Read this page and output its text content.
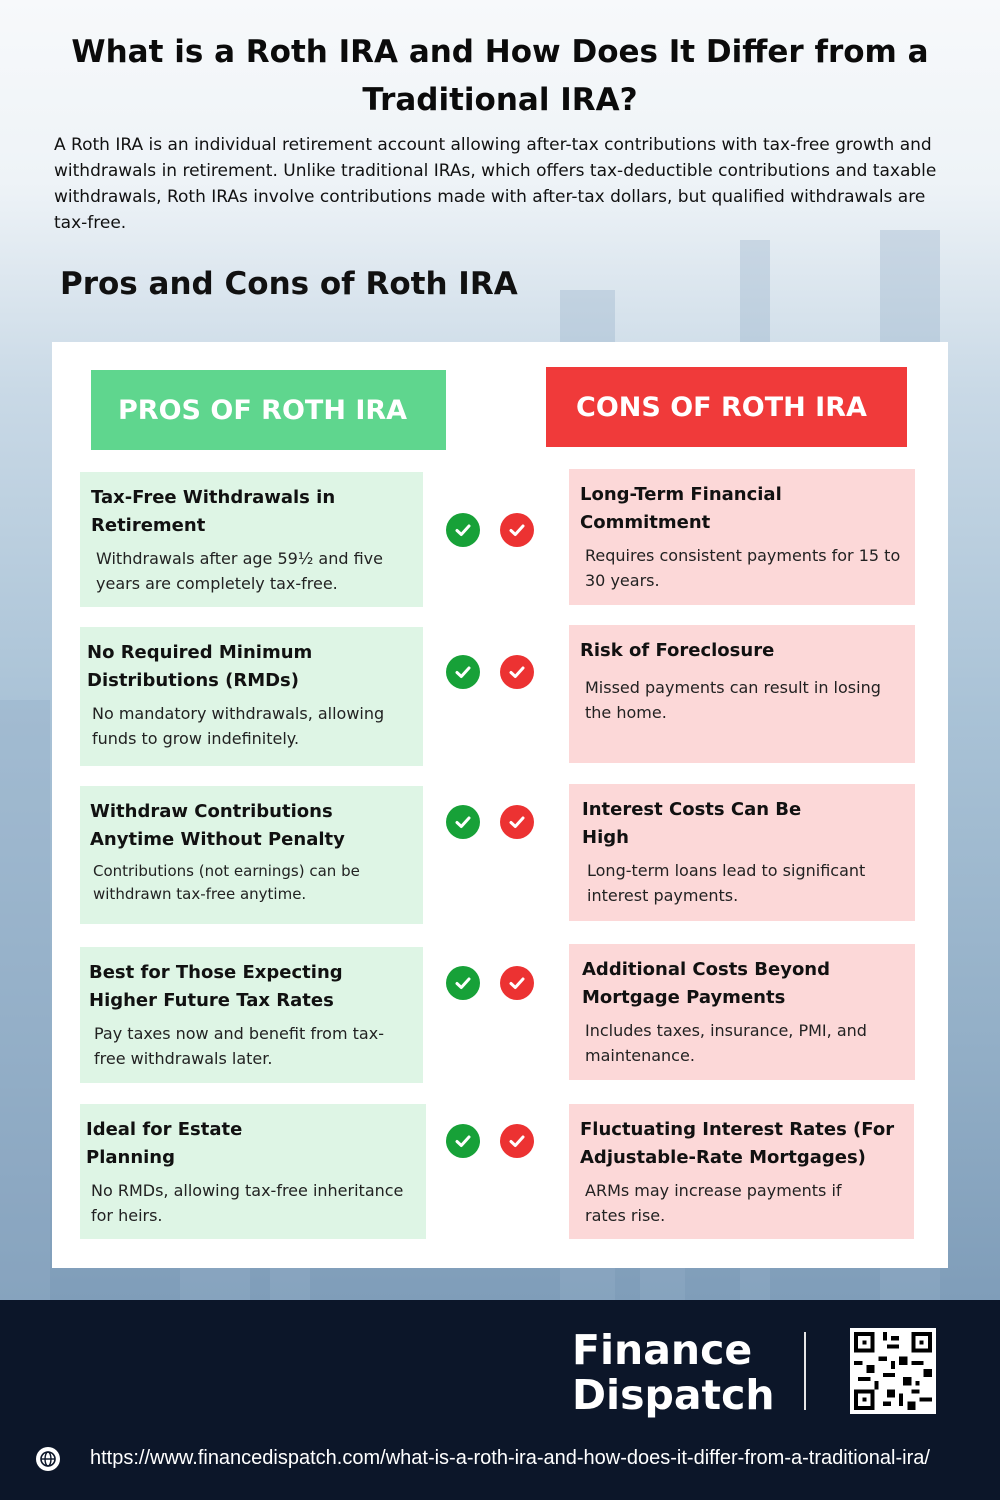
What is a Roth IRA and How Does It Differ from a Traditional IRA?

A Roth IRA is an individual retirement account allowing after-tax contributions with tax-free growth and withdrawals in retirement. Unlike traditional IRAs, which offers tax-deductible contributions and taxable withdrawals, Roth IRAs involve contributions made with after-tax dollars, but qualified withdrawals are tax-free.

Pros and Cons of Roth IRA
PROS OF ROTH IRA	CONS OF ROTH IRA
Tax-Free Withdrawals in Retirement

Withdrawals after age 59½ and five years are completely tax-free.

No Required Minimum Distributions (RMDs)

No mandatory withdrawals, allowing funds to grow indefinitely.

Withdraw Contributions Anytime Without Penalty

Contributions (not earnings) can be withdrawn tax-free anytime.

Best for Those Expecting Higher Future Tax Rates

Pay taxes now and benefit from tax-free withdrawals later.

Ideal for Estate Planning

No RMDs, allowing tax-free inheritance for heirs.

Long-Term Financial Commitment

Requires consistent payments for 15 to 30 years.

Risk of Foreclosure

Missed payments can result in losing the home.

Interest Costs Can Be High

Long-term loans lead to significant interest payments.

Additional Costs Beyond Mortgage Payments

Includes taxes, insurance, PMI, and maintenance.

Fluctuating Interest Rates (For Adjustable-Rate Mortgages)

ARMs may increase payments if rates rise.

Finance
Dispatch
https://www.financedispatch.com/what-is-a-roth-ira-and-how-does-it-differ-from-a-traditional-ira/
